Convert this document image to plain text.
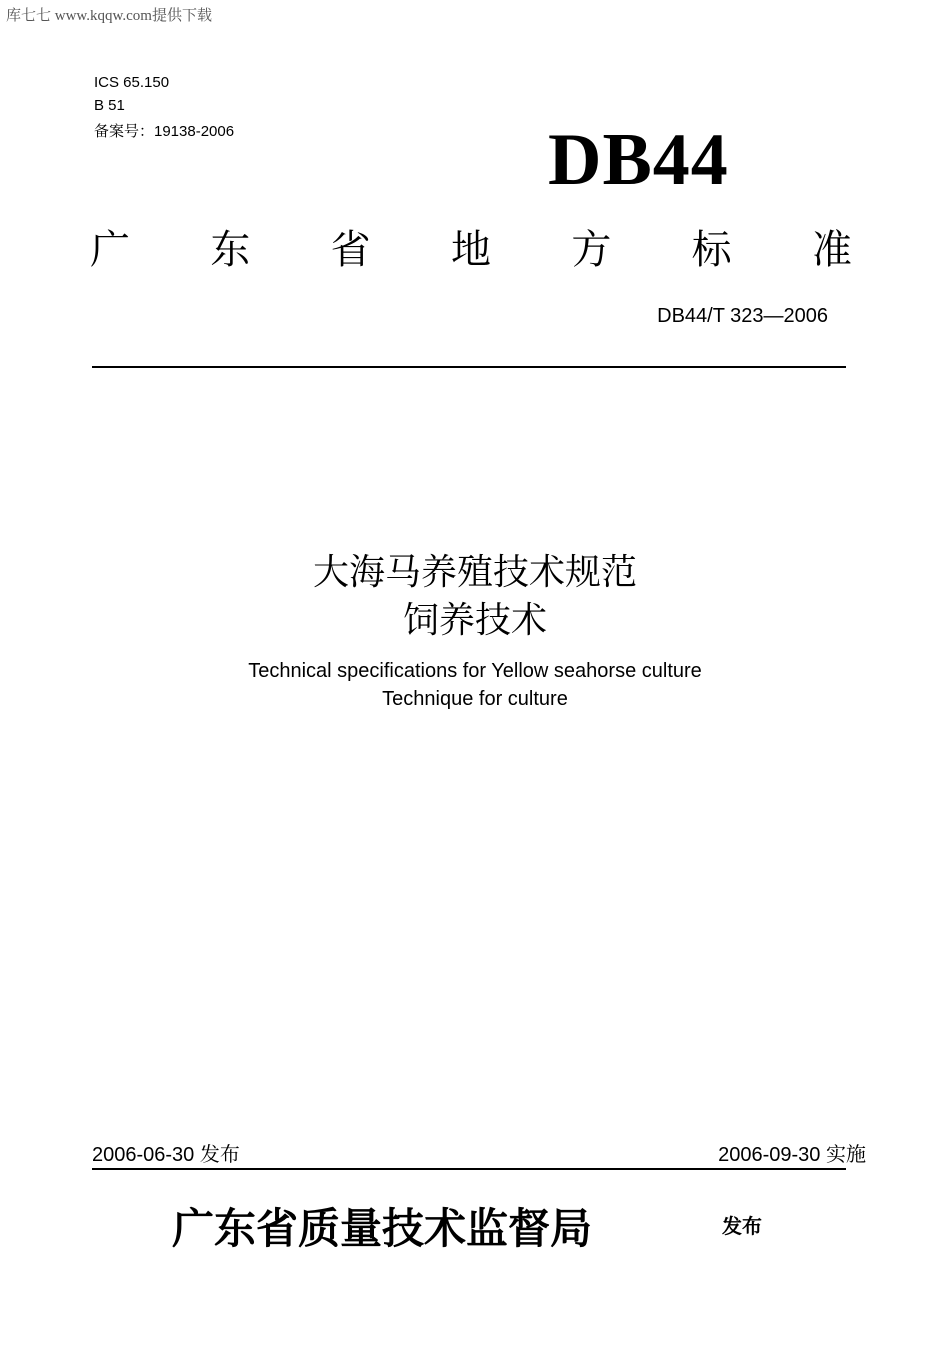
库七七 www.kqqw.com提供下载
ICS 65.150
B 51
备案号：19138-2006	DB44
广 东 省 地 方 标 准
DB44/T 323—2006
大海马养殖技术规范
饲养技术
Technical specifications for Yellow seahorse culture
Technique for culture
2006-06-30 发布	2006-09-30 实施
广东省质量技术监督局	发布
